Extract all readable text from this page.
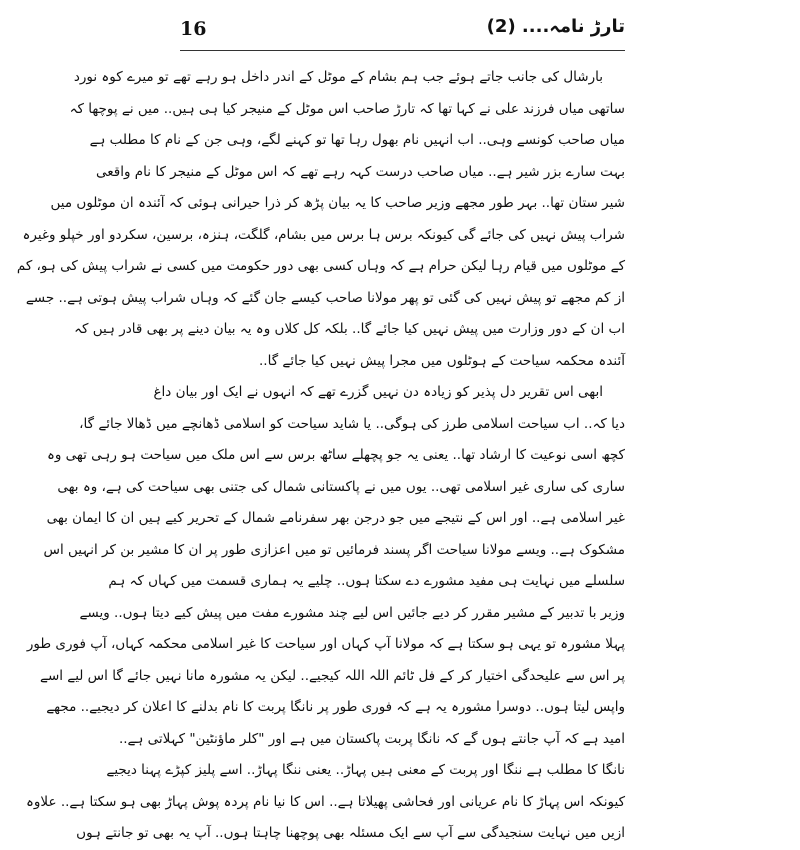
16	تارڑ نامہ.... (2)
بارشال کی جانب جاتے ہوئے جب ہم بشام کے موٹل کے اندر داخل ہو رہے تھے تو میرے کوہ نورد
ساتھی میاں فرزند علی نے کہا تھا کہ تارڑ صاحب اس موٹل کے منیجر کیا ہی ہیں.. میں نے پوچھا کہ
میاں صاحب کونسے وہی.. اب انہیں نام بھول رہا تھا تو کہنے لگے، وہی جن کے نام کا مطلب ہے
بہت سارے بزر شیر ہے.. میاں صاحب درست کہہ رہے تھے کہ اس موٹل کے منیجر کا نام واقعی
شیر ستان تھا.. بہر طور مجھے وزیر صاحب کا یہ بیان پڑھ کر ذرا حیرانی ہوئی کہ آئندہ ان موٹلوں میں
شراب پیش نہیں کی جائے گی کیونکہ برس ہا برس میں بشام، گلگت، ہنزہ، برسین، سکردو اور خپلو وغیرہ
کے موٹلوں میں قیام رہا لیکن حرام ہے کہ وہاں کسی بھی دور حکومت میں کسی نے شراب پیش کی ہو، کم
از کم مجھے تو پیش نہیں کی گئی تو پھر مولانا صاحب کیسے جان گئے کہ وہاں شراب پیش ہوتی ہے.. جسے
اب ان کے دور وزارت میں پیش نہیں کیا جائے گا.. بلکہ کل کلاں وہ یہ بیان دینے پر بھی قادر ہیں کہ
آئندہ محکمہ سیاحت کے ہوٹلوں میں مجرا پیش نہیں کیا جائے گا..
ابھی اس تقریر دل پذیر کو زیادہ دن نہیں گزرے تھے کہ انہوں نے ایک اور بیان داغ
دیا کہ.. اب سیاحت اسلامی طرز کی ہوگی.. یا شاید سیاحت کو اسلامی ڈھانچے میں ڈھالا جائے گا،
کچھ اسی نوعیت کا ارشاد تھا.. یعنی یہ جو پچھلے ساٹھ برس سے اس ملک میں سیاحت ہو رہی تھی وہ
ساری کی ساری غیر اسلامی تھی.. یوں میں نے پاکستانی شمال کی جتنی بھی سیاحت کی ہے، وہ بھی
غیر اسلامی ہے.. اور اس کے نتیجے میں جو درجن بھر سفرنامے شمال کے تحریر کیے ہیں ان کا ایمان بھی
مشکوک ہے.. ویسے مولانا سیاحت اگر پسند فرمائیں تو میں اعزازی طور پر ان کا مشیر بن کر انہیں اس
سلسلے میں نہایت ہی مفید مشورے دے سکتا ہوں.. چلیے یہ ہماری قسمت میں کہاں کہ ہم
وزیر با تدبیر کے مشیر مقرر کر دیے جائیں اس لیے چند مشورے مفت میں پیش کیے دیتا ہوں.. ویسے
پہلا مشورہ تو یہی ہو سکتا ہے کہ مولانا آپ کہاں اور سیاحت کا غیر اسلامی محکمہ کہاں، آپ فوری طور
پر اس سے علیحدگی اختیار کر کے فل ٹائم اللہ اللہ کیجیے.. لیکن یہ مشورہ مانا نہیں جائے گا اس لیے اسے
واپس لیتا ہوں.. دوسرا مشورہ یہ ہے کہ فوری طور پر نانگا پربت کا نام بدلنے کا اعلان کر دیجیے.. مجھے
امید ہے کہ آپ جانتے ہوں گے کہ نانگا پربت پاکستان میں ہے اور "کلر ماؤنٹین" کہلاتی ہے..
نانگا کا مطلب ہے ننگا اور پربت کے معنی ہیں پہاڑ.. یعنی ننگا پہاڑ.. اسے پلیز کپڑے پہنا دیجیے
کیونکہ اس پہاڑ کا نام عریانی اور فحاشی پھیلاتا ہے.. اس کا نیا نام پردہ پوش پہاڑ بھی ہو سکتا ہے.. علاوہ
ازیں میں نہایت سنجیدگی سے آپ سے ایک مسئلہ بھی پوچھنا چاہتا ہوں.. آپ یہ بھی تو جانتے ہوں
